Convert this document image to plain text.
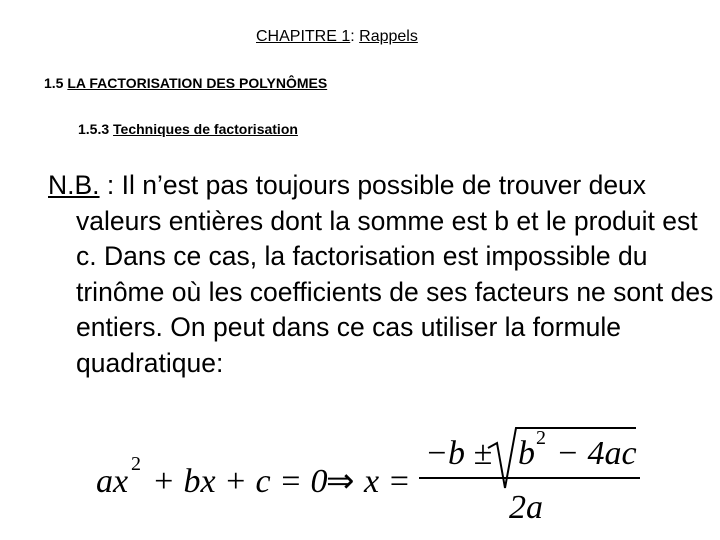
CHAPITRE 1: Rappels
1.5 LA FACTORISATION DES POLYNÔMES
1.5.3 Techniques de factorisation
N.B. : Il n’est pas toujours possible de trouver deux valeurs entières dont la somme est b et le produit est c. Dans ce cas, la factorisation est impossible du trinôme où les coefficients de ses facteurs ne sont des entiers. On peut dans ce cas utiliser la formule quadratique:
ax 2 + bx + c = 0
⇒ x =
−b ± b 2 − 4ac
2a
